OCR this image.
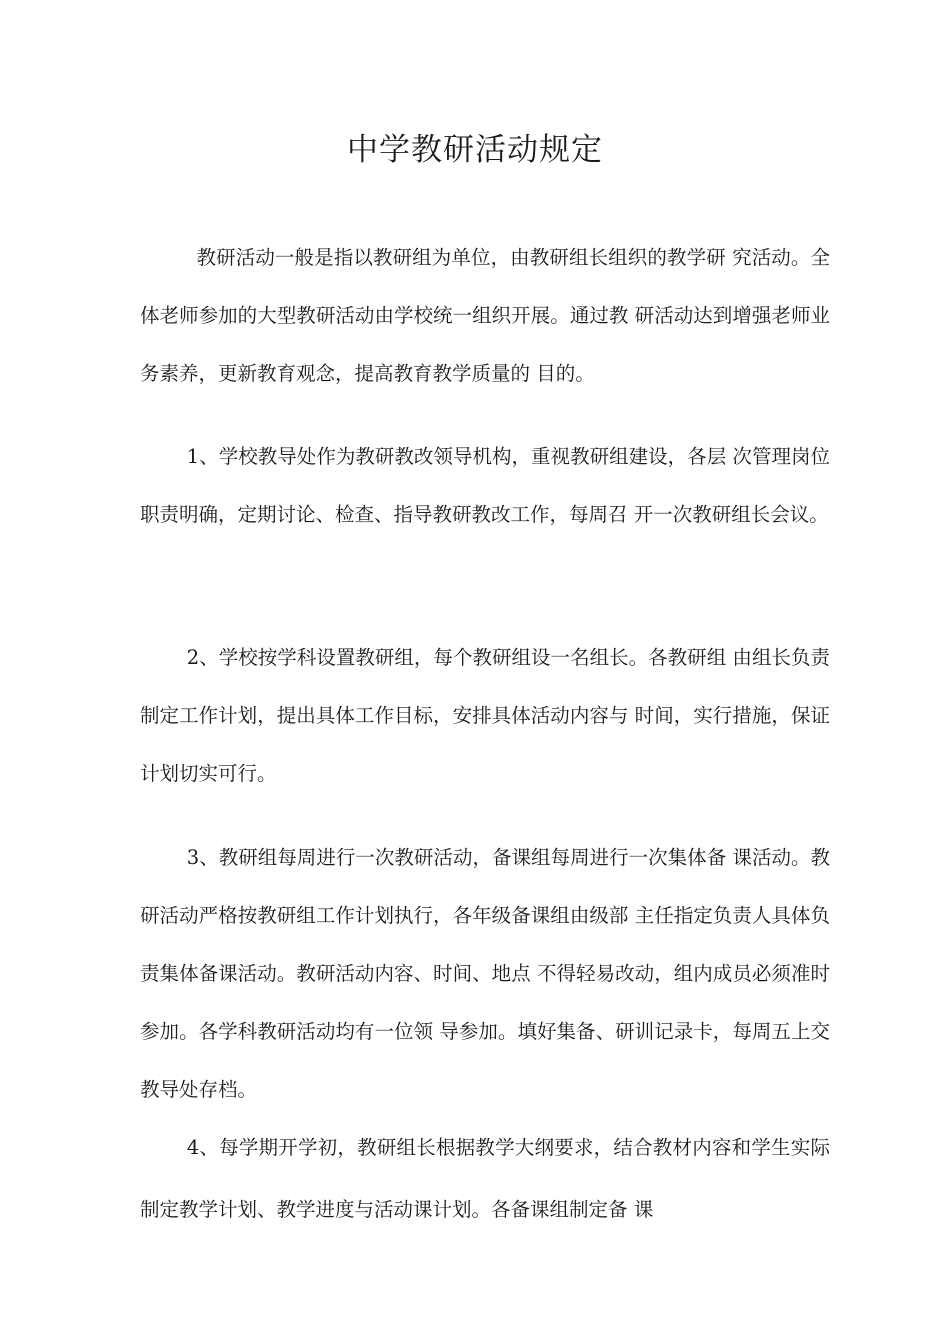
中学教研活动规定

教研活动一般是指以教研组为单位，由教研组长组织的教学研 究活动。全体老师参加的大型教研活动由学校统一组织开展。通过教 研活动达到增强老师业务素养，更新教育观念，提高教育教学质量的 目的。

1、学校教导处作为教研教改领导机构，重视教研组建设，各层 次管理岗位职责明确，定期讨论、检查、指导教研教改工作，每周召 开一次教研组长会议。

2、学校按学科设置教研组，每个教研组设一名组长。各教研组 由组长负责制定工作计划，提出具体工作目标，安排具体活动内容与 时间，实行措施，保证计划切实可行。

3、教研组每周进行一次教研活动，备课组每周进行一次集体备 课活动。教研活动严格按教研组工作计划执行，各年级备课组由级部 主任指定负责人具体负责集体备课活动。教研活动内容、时间、地点 不得轻易改动，组内成员必须准时参加。各学科教研活动均有一位领 导参加。填好集备、研训记录卡，每周五上交教导处存档。

4、每学期开学初，教研组长根据教学大纲要求，结合教材内容和学生实际制定教学计划、教学进度与活动课计划。各备课组制定备 课
